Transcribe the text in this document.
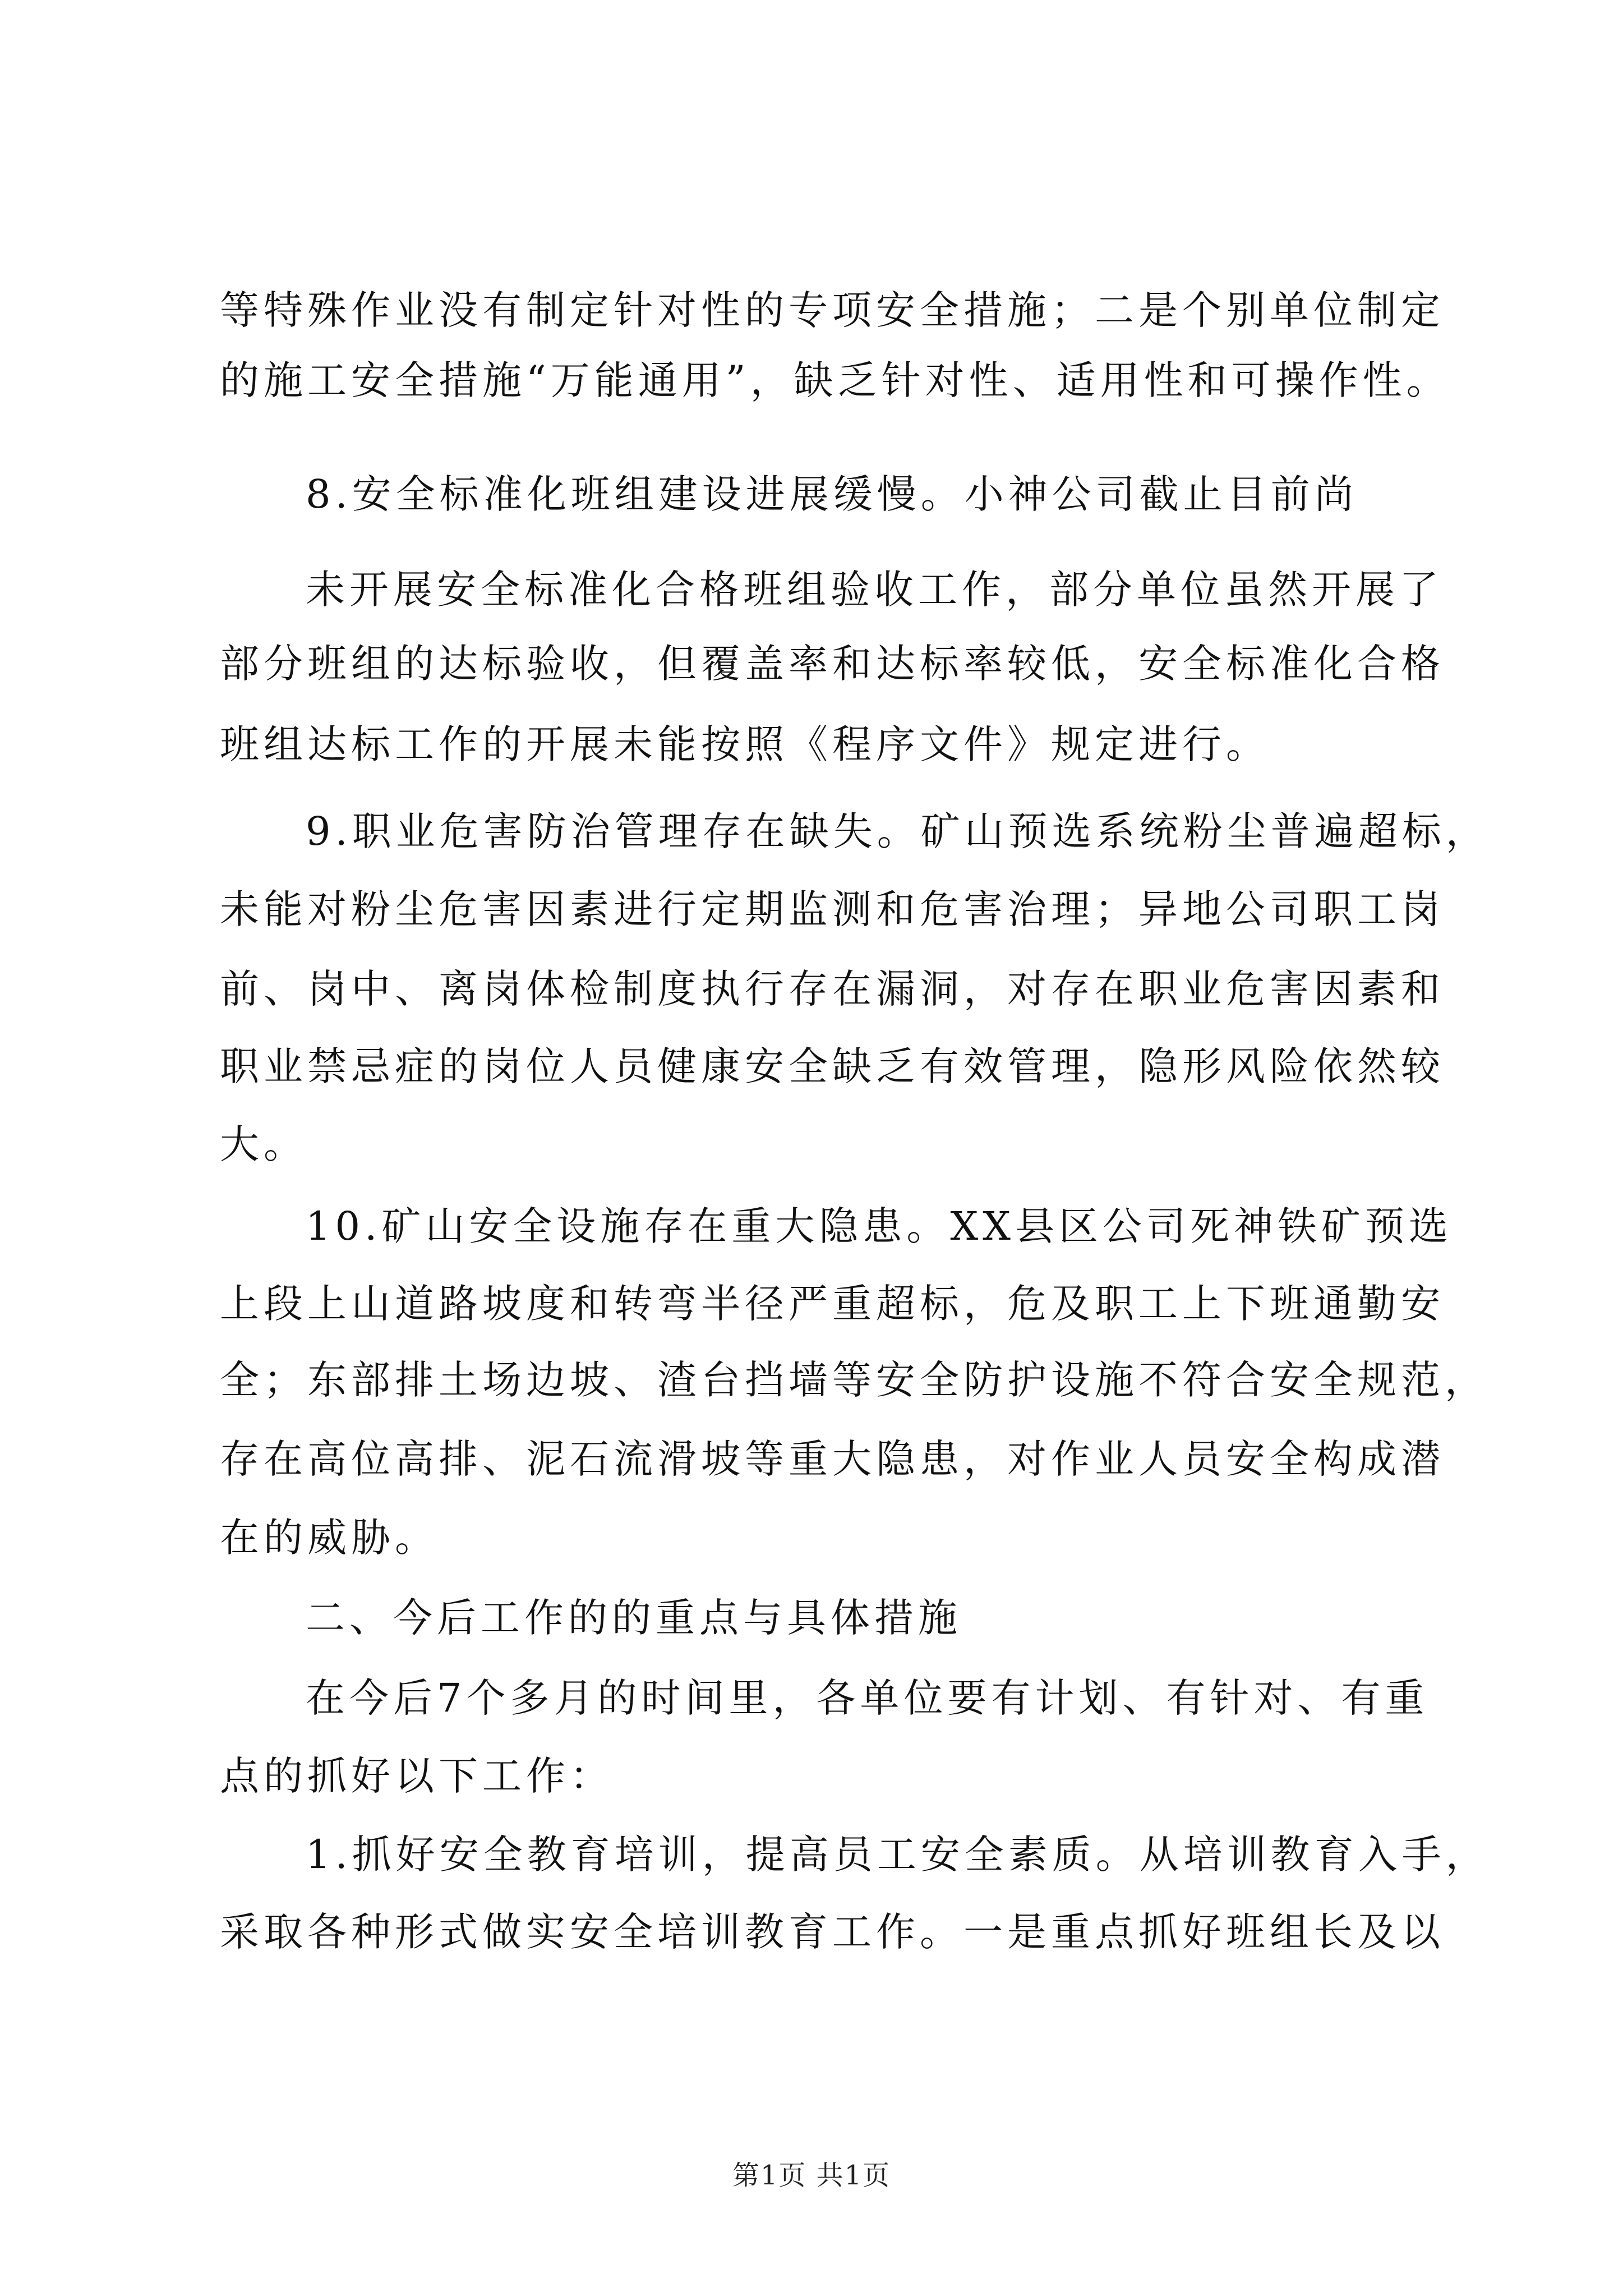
等特殊作业没有制定针对性的专项安全措施；二是个别单位制定
的施工安全措施“万能通用”，缺乏针对性、适用性和可操作性。
8.安全标准化班组建设进展缓慢。小神公司截止目前尚
未开展安全标准化合格班组验收工作，部分单位虽然开展了
部分班组的达标验收，但覆盖率和达标率较低，安全标准化合格
班组达标工作的开展未能按照《程序文件》规定进行。
9.职业危害防治管理存在缺失。矿山预选系统粉尘普遍超标，
未能对粉尘危害因素进行定期监测和危害治理；异地公司职工岗
前、岗中、离岗体检制度执行存在漏洞，对存在职业危害因素和
职业禁忌症的岗位人员健康安全缺乏有效管理，隐形风险依然较
大。
10.矿山安全设施存在重大隐患。XX县区公司死神铁矿预选
上段上山道路坡度和转弯半径严重超标，危及职工上下班通勤安
全；东部排土场边坡、渣台挡墙等安全防护设施不符合安全规范，
存在高位高排、泥石流滑坡等重大隐患，对作业人员安全构成潜
在的威胁。
二、今后工作的的重点与具体措施
在今后7个多月的时间里，各单位要有计划、有针对、有重
点的抓好以下工作：
1.抓好安全教育培训，提高员工安全素质。从培训教育入手，
采取各种形式做实安全培训教育工作。一是重点抓好班组长及以
第1页 共1页
